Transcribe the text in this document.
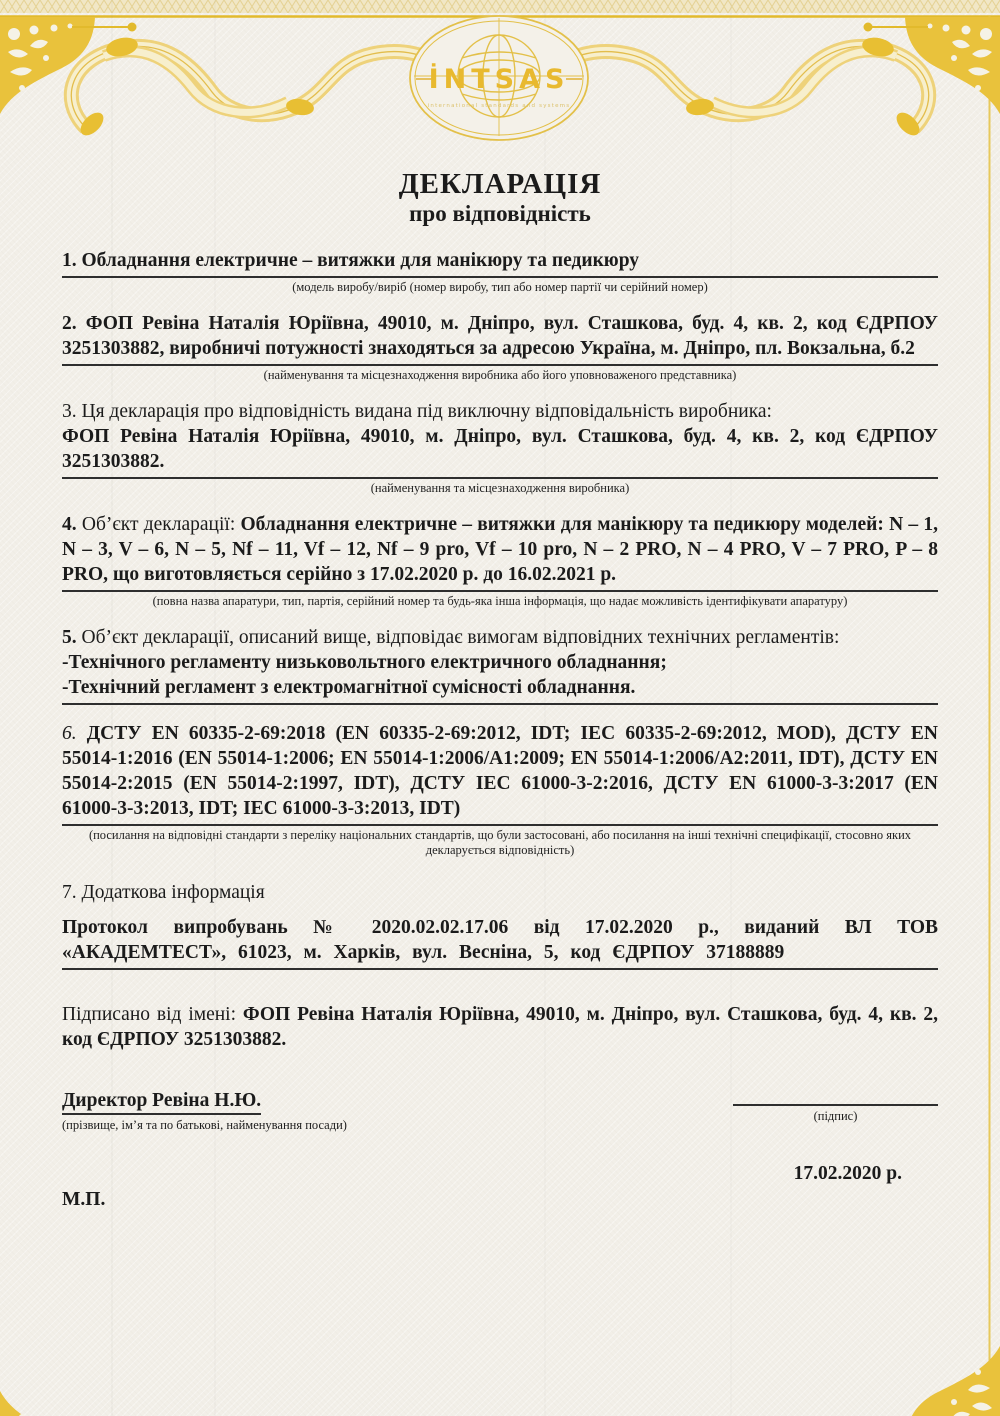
İNTSAS
international standards and systems
ДЕКЛАРАЦІЯ
про відповідність

1. Обладнання електричне – витяжки для манікюру та педикюру

(модель виробу/виріб (номер виробу, тип або номер партії чи серійний номер)

2. ФОП Ревіна Наталія Юріївна, 49010, м. Дніпро, вул. Сташкова, буд. 4, кв. 2, код ЄДРПОУ 3251303882, виробничі потужності знаходяться за адресою Україна, м. Дніпро, пл. Вокзальна, б.2

(найменування та місцезнаходження виробника або його уповноваженого представника)

3. Ця декларація про відповідність видана під виключну відповідальність виробника:

ФОП Ревіна Наталія Юріївна, 49010, м. Дніпро, вул. Сташкова, буд. 4, кв. 2, код ЄДРПОУ 3251303882.

(найменування та місцезнаходження виробника)

4. Об’єкт декларації: Обладнання електричне – витяжки для манікюру та педикюру моделей: N – 1, N – 3, V – 6, N – 5, Nf – 11, Vf – 12, Nf – 9 pro, Vf – 10 pro, N – 2 PRO, N – 4 PRO, V – 7 PRO, P – 8 PRO, що виготовляється серійно з 17.02.2020 р. до 16.02.2021 р.

(повна назва апаратури, тип, партія, серійний номер та будь-яка інша інформація, що надає можливість ідентифікувати апаратуру)

5. Об’єкт декларації, описаний вище, відповідає вимогам відповідних технічних регламентів:

-Технічного регламенту низьковольтного електричного обладнання;

-Технічний регламент з електромагнітної сумісності обладнання.

6. ДСТУ EN 60335-2-69:2018 (EN 60335-2-69:2012, IDT; IEC 60335-2-69:2012, MOD), ДСТУ EN 55014-1:2016 (EN 55014-1:2006; EN 55014-1:2006/A1:2009; EN 55014-1:2006/A2:2011, IDT), ДСТУ EN 55014-2:2015 (EN 55014-2:1997, IDT), ДСТУ IEC 61000-3-2:2016, ДСТУ EN 61000-3-3:2017 (EN 61000-3-3:2013, IDT; IEC 61000-3-3:2013, IDT)

(посилання на відповідні стандарти з переліку національних стандартів, що були застосовані, або посилання на інші технічні специфікації, стосовно яких декларується відповідність)

7. Додаткова інформація

Протокол випробувань № 2020.02.02.17.06 від 17.02.2020 р., виданий ВЛ ТОВ «АКАДЕМТЕСТ», 61023, м. Харків, вул. Весніна, 5, код ЄДРПОУ 37188889

Підписано від імені: ФОП Ревіна Наталія Юріївна, 49010, м. Дніпро, вул. Сташкова, буд. 4, кв. 2, код ЄДРПОУ 3251303882.

Директор Ревіна Н.Ю.
(прізвище, ім’я та по батькові, найменування посади)
(підпис)
17.02.2020 р.
М.П.
